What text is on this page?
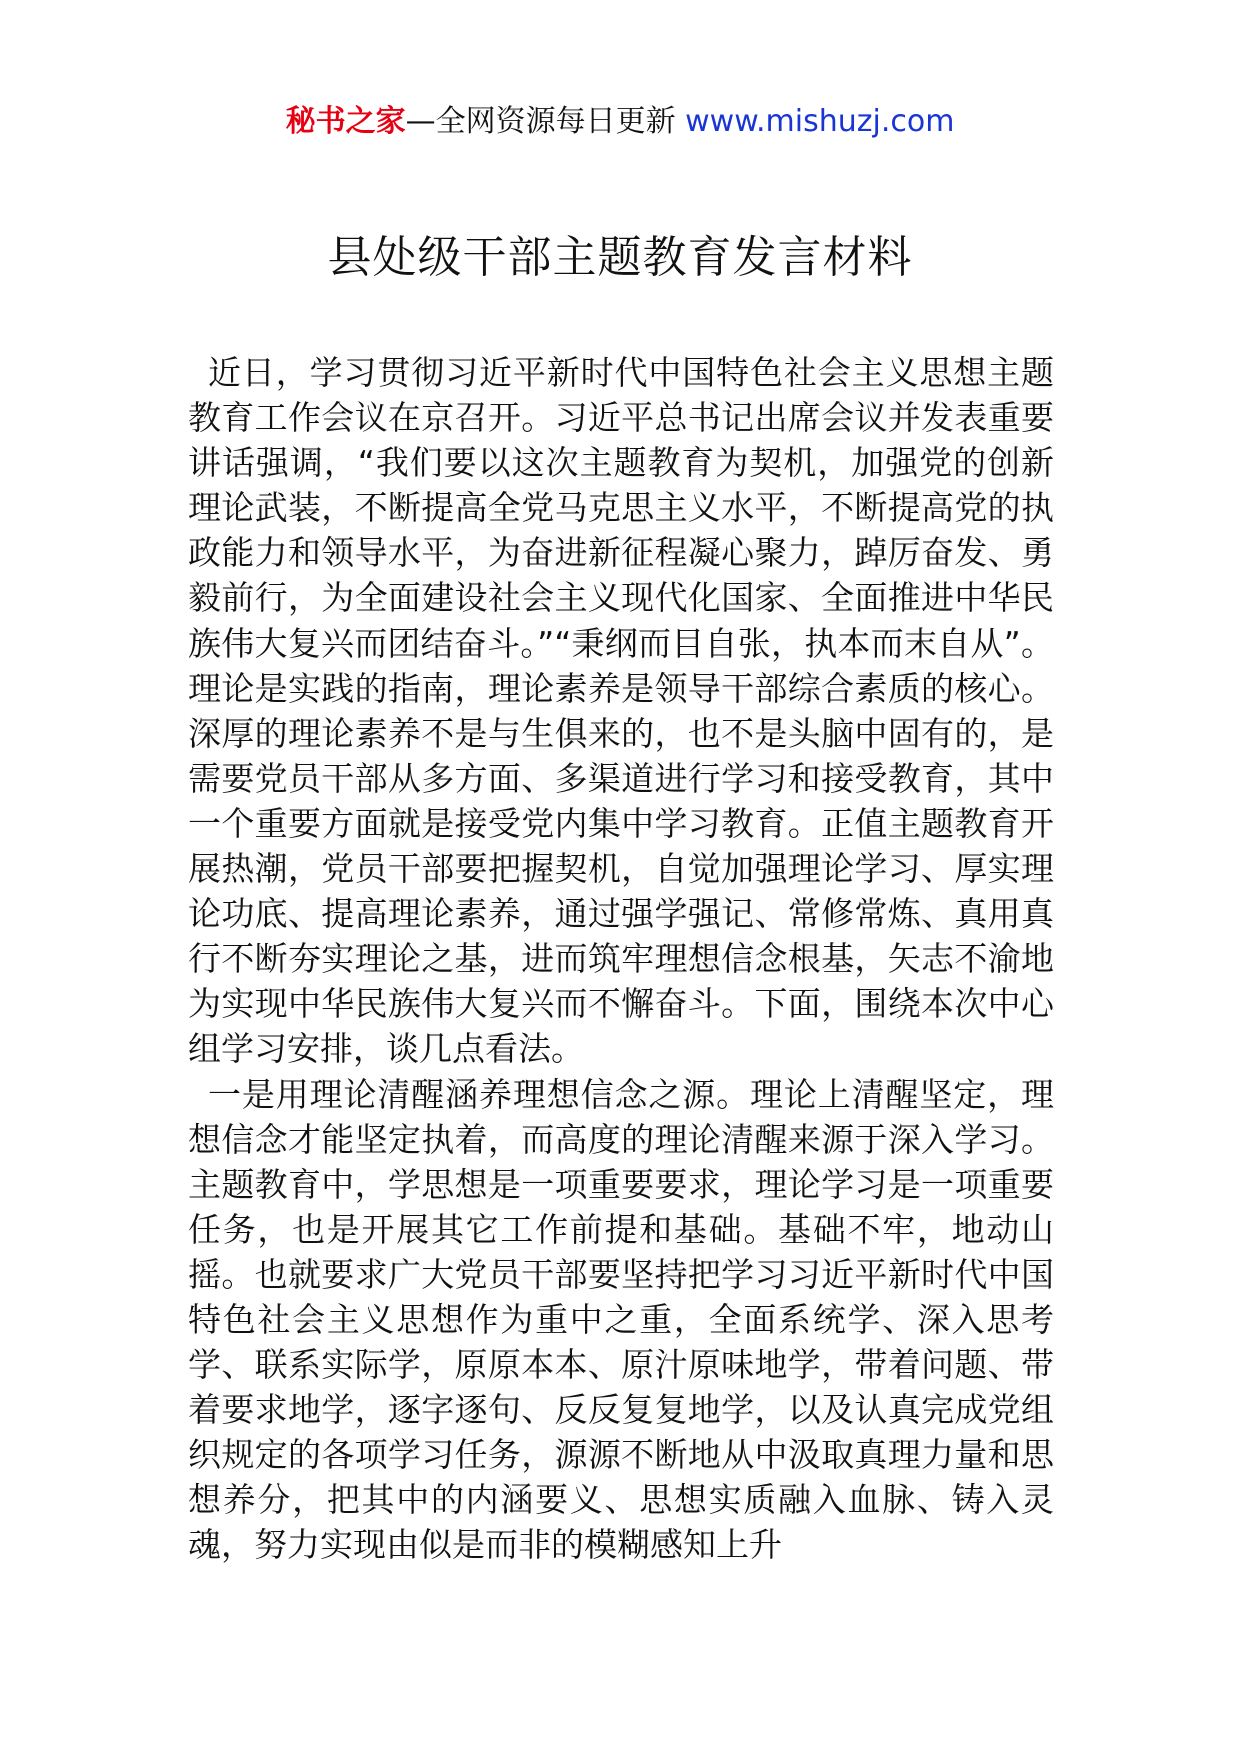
秘书之家—全网资源每日更新 www.mishuzj.com
县处级干部主题教育发言材料

近日，学习贯彻习近平新时代中国特色社会主义思想主题教育工作会议在京召开。习近平总书记出席会议并发表重要讲话强调，“我们要以这次主题教育为契机，加强党的创新理论武装，不断提高全党马克思主义水平，不断提高党的执政能力和领导水平，为奋进新征程凝心聚力，踔厉奋发、勇毅前行，为全面建设社会主义现代化国家、全面推进中华民族伟大复兴而团结奋斗。”“秉纲而目自张，执本而末自从”。理论是实践的指南，理论素养是领导干部综合素质的核心。深厚的理论素养不是与生俱来的，也不是头脑中固有的，是需要党员干部从多方面、多渠道进行学习和接受教育，其中一个重要方面就是接受党内集中学习教育。正值主题教育开展热潮，党员干部要把握契机，自觉加强理论学习、厚实理论功底、提高理论素养，通过强学强记、常修常炼、真用真行不断夯实理论之基，进而筑牢理想信念根基，矢志不渝地为实现中华民族伟大复兴而不懈奋斗。下面，围绕本次中心组学习安排，谈几点看法。

一是用理论清醒涵养理想信念之源。理论上清醒坚定，理想信念才能坚定执着，而高度的理论清醒来源于深入学习。主题教育中，学思想是一项重要要求，理论学习是一项重要任务，也是开展其它工作前提和基础。基础不牢，地动山摇。也就要求广大党员干部要坚持把学习习近平新时代中国特色社会主义思想作为重中之重，全面系统学、深入思考学、联系实际学，原原本本、原汁原味地学，带着问题、带着要求地学，逐字逐句、反反复复地学，以及认真完成党组织规定的各项学习任务，源源不断地从中汲取真理力量和思想养分，把其中的内涵要义、思想实质融入血脉、铸入灵魂，努力实现由似是而非的模糊感知上升
